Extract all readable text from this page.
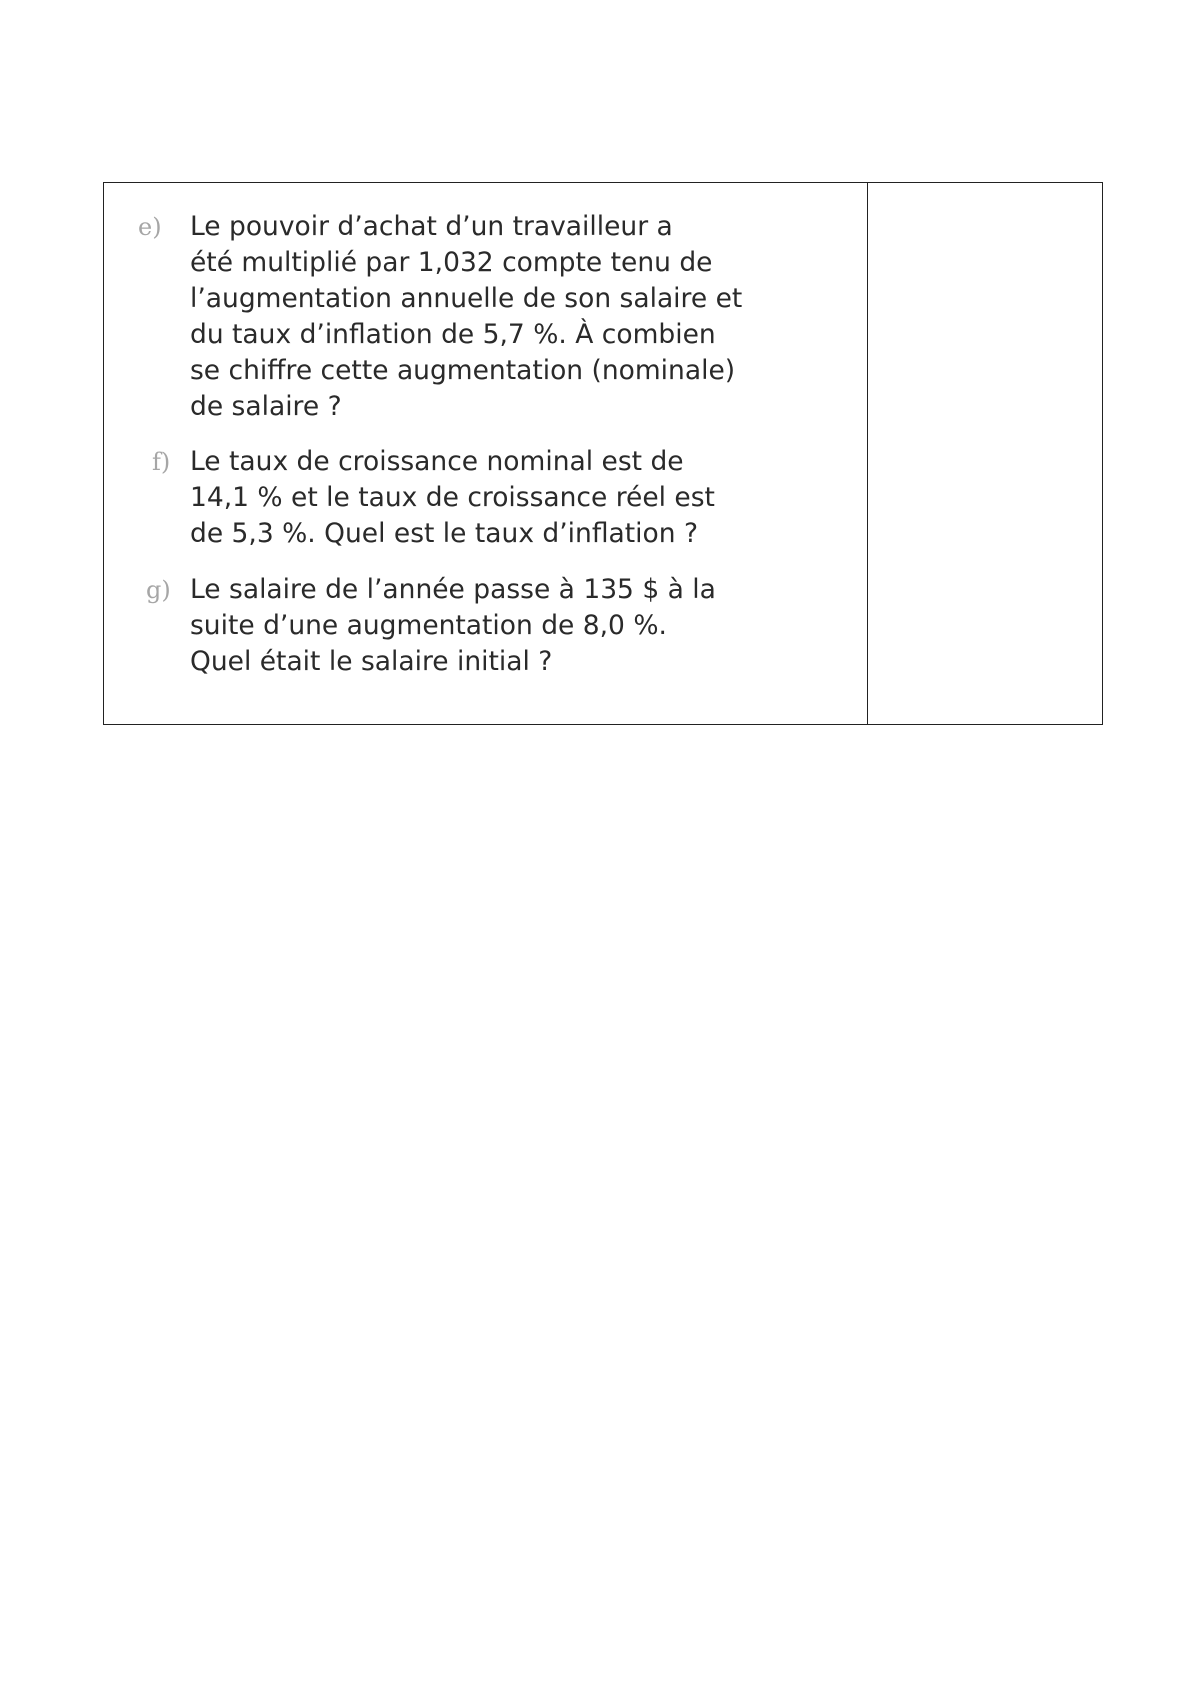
e) Le pouvoir d’achat d’un travailleur a
été multiplié par 1,032 compte tenu de
l’augmentation annuelle de son salaire et
du taux d’inflation de 5,7 %. À combien
se chiffre cette augmentation (nominale)
de salaire ?

f) Le taux de croissance nominal est de
14,1 % et le taux de croissance réel est
de 5,3 %. Quel est le taux d’inflation ?

g) Le salaire de l’année passe à 135 $ à la
suite d’une augmentation de 8,0 %.
Quel était le salaire initial ?
